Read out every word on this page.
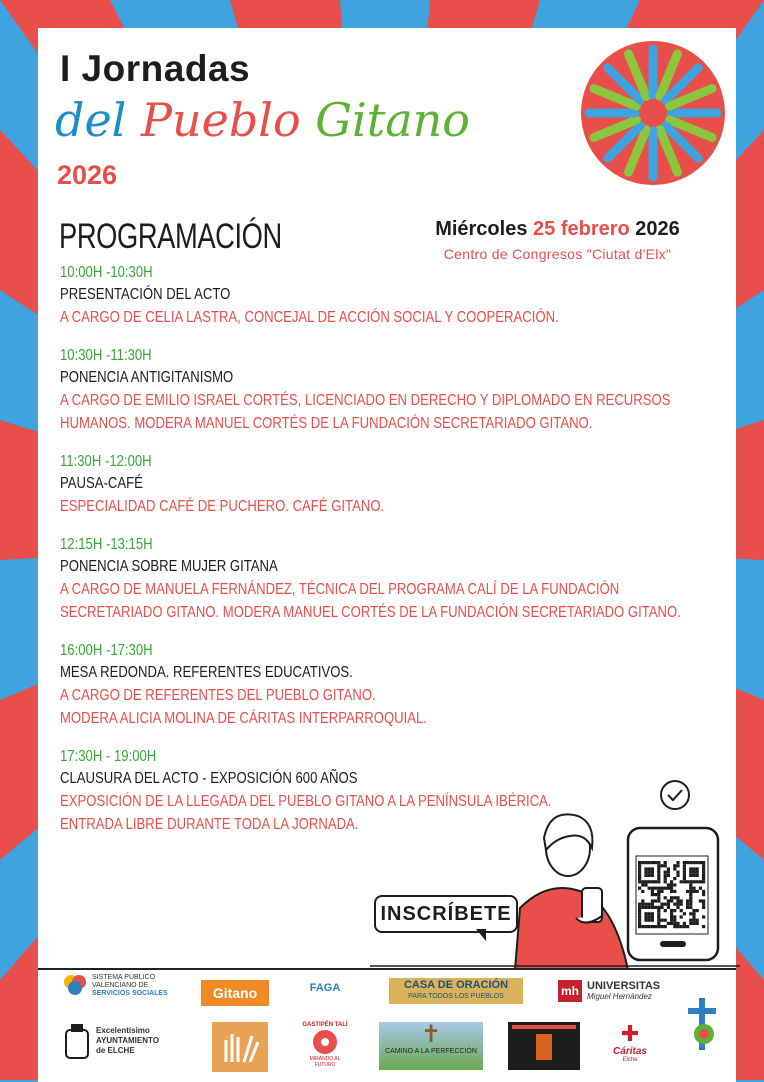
I Jornadas
del Pueblo Gitano
2026
PROGRAMACIÓN	Miércoles 25 febrero 2026
Centro de Congresos "Ciutat d'Elx"
10:00H -10:30H
PRESENTACIÓN DEL ACTO
A CARGO DE CELIA LASTRA, CONCEJAL DE ACCIÓN SOCIAL Y COOPERACIÓN.
10:30H -11:30H
PONENCIA ANTIGITANISMO
A CARGO DE EMILIO ISRAEL CORTÉS, LICENCIADO EN DERECHO Y DIPLOMADO EN RECURSOS
HUMANOS. MODERA MANUEL CORTÉS DE LA FUNDACIÓN SECRETARIADO GITANO.
11:30H -12:00H
PAUSA-CAFÉ
ESPECIALIDAD CAFÉ DE PUCHERO. CAFÉ GITANO.
12:15H -13:15H
PONENCIA SOBRE MUJER GITANA
A CARGO DE MANUELA FERNÁNDEZ, TÉCNICA DEL PROGRAMA CALÍ DE LA FUNDACIÓN
SECRETARIADO GITANO. MODERA MANUEL CORTÉS DE LA FUNDACIÓN SECRETARIADO GITANO.
16:00H -17:30H
MESA REDONDA. REFERENTES EDUCATIVOS.
A CARGO DE REFERENTES DEL PUEBLO GITANO.
MODERA ALICIA MOLINA DE CÁRITAS INTERPARROQUIAL.
17:30H - 19:00H
CLAUSURA DEL ACTO - EXPOSICIÓN 600 AÑOS
EXPOSICIÓN DE LA LLEGADA DEL PUEBLO GITANO A LA PENÍNSULA IBÉRICA.
ENTRADA LIBRE DURANTE TODA LA JORNADA.
INSCRÍBETE
SISTEMA PÚBLICO
VALENCIANO DE
SERVICIOS SOCIALES	Gitano	FAGA	CASA DE ORACIÓN
PARA TODOS LOS PUEBLOS	mh UNIVERSITAS
Miguel Hernández
Excelentísimo
AYUNTAMIENTO
de ELCHE
GASTIPÉN TALÍ
MIRANDO AL FUTURO
✝
CAMINO A LA PERFECCIÓN
✚
Cáritas
Elche
